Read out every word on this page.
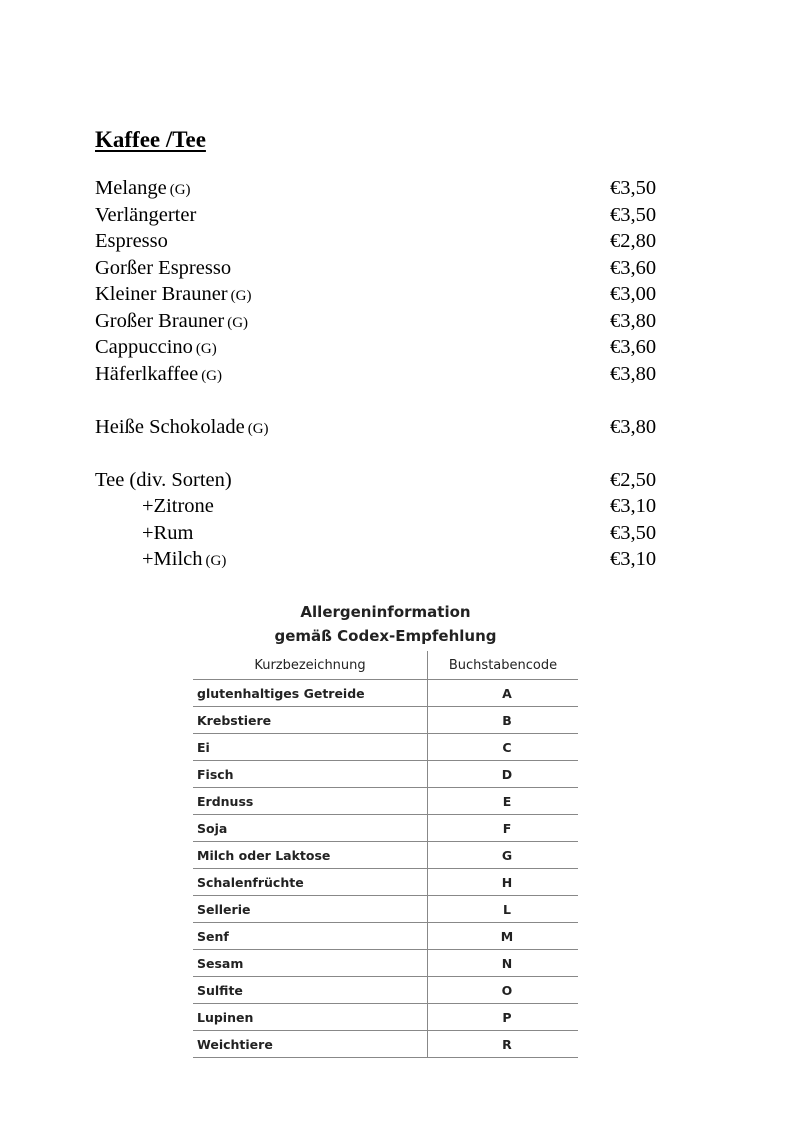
Kaffee /Tee
Melange (G)	€3,50
Verlängerter	€3,50
Espresso	€2,80
Gorßer Espresso	€3,60
Kleiner Brauner (G)	€3,00
Großer Brauner (G)	€3,80
Cappuccino (G)	€3,60
Häferlkaffee (G)	€3,80
Heiße Schokolade (G)	€3,80
Tee (div. Sorten)	€2,50
+Zitrone	€3,10
+Rum	€3,50
+Milch (G)	€3,10
Allergeninformation
gemäß Codex-Empfehlung
Kurzbezeichnung	Buchstabencode
glutenhaltiges Getreide	A
Krebstiere	B
Ei	C
Fisch	D
Erdnuss	E
Soja	F
Milch oder Laktose	G
Schalenfrüchte	H
Sellerie	L
Senf	M
Sesam	N
Sulfite	O
Lupinen	P
Weichtiere	R
